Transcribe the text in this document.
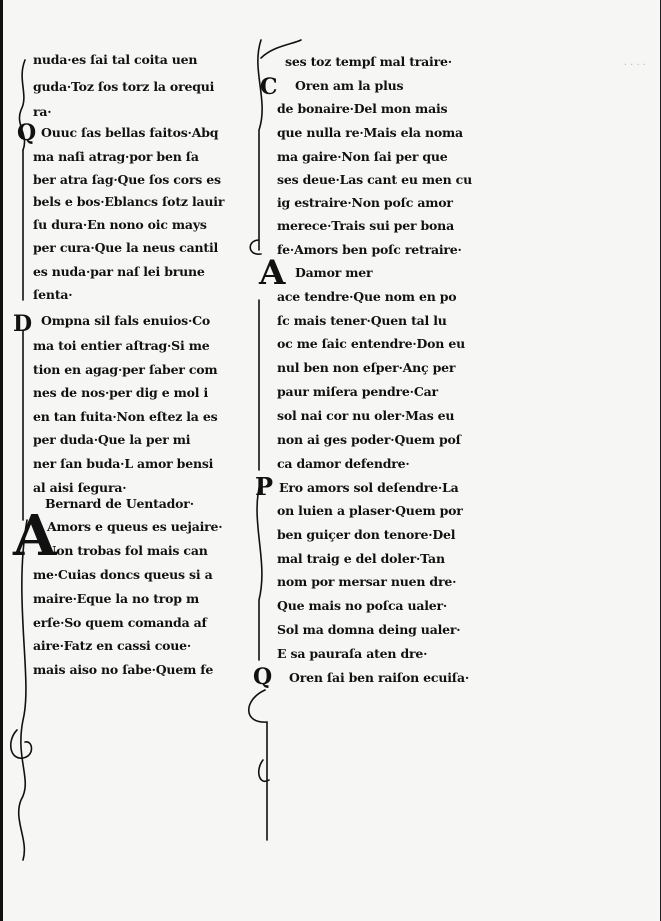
· · · ·
Q
D
A
C
A
P
Q
nuda·es ſai tal coita uen
guda·Toz ſos torz la orequi
ra·
Ouuc ſas bellas faitos·Abq
ma naſi atrag·por ben ſa
ber atra ſag·Que ſos cors es
bels e bos·Eblancs ſotz lauir
ſu dura·En nono oic mays
per cura·Que la neus cantil
es nuda·par naſ lei brune
ſenta·
Ompna sil fals enuios·Co
ma toi entier aſtrag·Si me
tion en agag·per ſaber com
nes de nos·per dig e mol i
en tan fuita·Non eſtez la es
per duda·Que la per mi
ner ſan buda·L amor bensi
al aisi ſegura·
Bernard de Uentador·
Amors e queus es uejaire·
Non trobas fol mais can
me·Cuias doncs queus si a
maire·Eque la no trop m
erſe·So quem comanda af
aire·Fatz en cassi coue·
mais aiso no ſabe·Quem fe
ses toz tempſ mal traire·
Oren am la plus
de bonaire·Del mon mais
que nulla re·Mais ela noma
ma gaire·Non ſai per que
ses deue·Las cant eu men cu
ig estraire·Non poſc amor
merece·Trais sui per bona
fe·Amors ben poſc retraire·
Damor mer
ace tendre·Que nom en po
ſc mais tener·Quen tal lu
oc me ſaic entendre·Don eu
nul ben non eſper·Anç per
paur miſera pendre·Car
sol nai cor nu oler·Mas eu
non ai ges poder·Quem poſ
ca damor defendre·
Ero amors sol deſendre·La
on luien a plaser·Quem por
ben guiçer don tenore·Del
mal traig e del doler·Tan
nom por mersar nuen dre·
Que mais no poſca ualer·
Sol ma domna deing ualer·
E sa pauraſa aten dre·
Oren ſai ben raiſon ecuiſa·
